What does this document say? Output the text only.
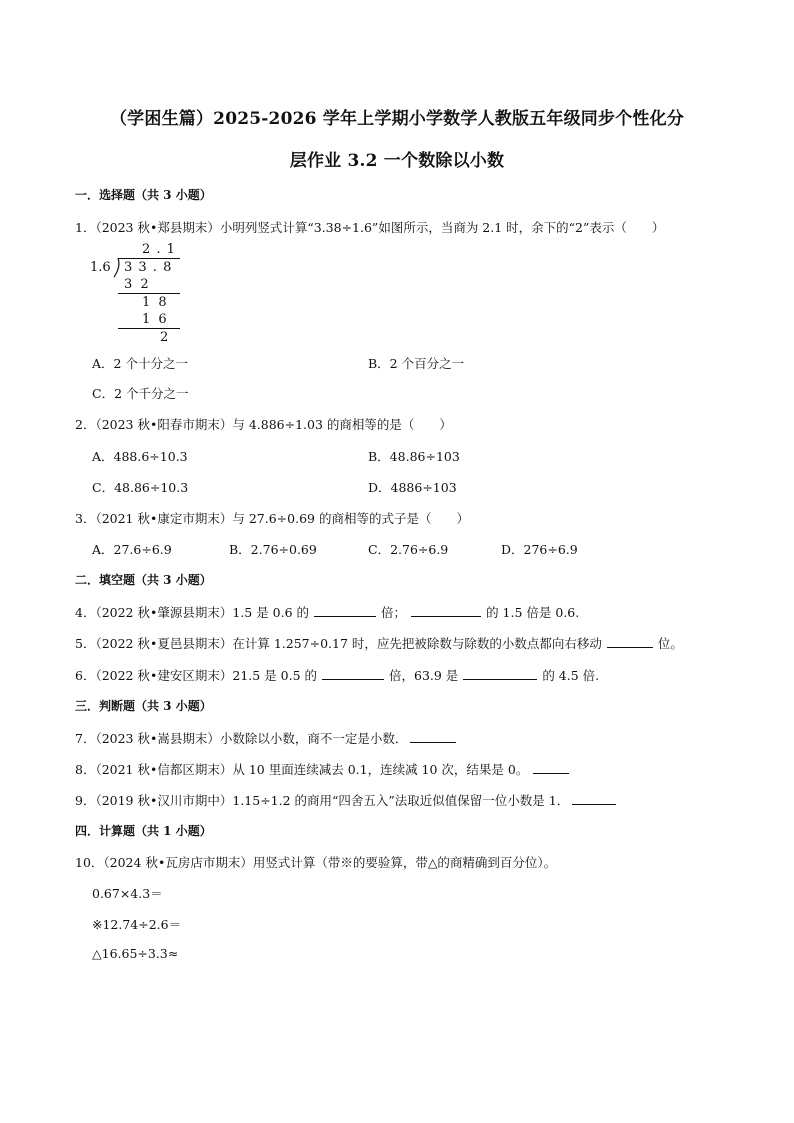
（学困生篇）2025-2026 学年上学期小学数学人教版五年级同步个性化分
层作业 3.2 一个数除以小数
一．选择题（共 3 小题）
1．（2023 秋•郑县期末）小明列竖式计算“3.38÷1.6”如图所示，当商为 2.1 时，余下的“2”表示（　　）
2 . 1
1.6 3 3 . 8
3 2
1 8
1 6
2
A．2 个十分之一	B．2 个百分之一
C．2 个千分之一
2．（2023 秋•阳春市期末）与 4.886÷1.03 的商相等的是（　　）
A．488.6÷10.3	B．48.86÷103
C．48.86÷10.3	D．4886÷103
3．（2021 秋•康定市期末）与 27.6÷0.69 的商相等的式子是（　　）
A．27.6÷6.9	B．2.76÷0.69	C．2.76÷6.9	D．276÷6.9
二．填空题（共 3 小题）
4．（2022 秋•肇源县期末）1.5 是 0.6 的	倍；	的 1.5 倍是 0.6.
5．（2022 秋•夏邑县期末）在计算 1.257÷0.17 时，应先把被除数与除数的小数点都向右移动	位。
6．（2022 秋•建安区期末）21.5 是 0.5 的	倍，63.9 是	的 4.5 倍.
三．判断题（共 3 小题）
7．（2023 秋•嵩县期末）小数除以小数，商不一定是小数．
8．（2021 秋•信都区期末）从 10 里面连续减去 0.1，连续减 10 次，结果是 0。
9．（2019 秋•汉川市期中）1.15÷1.2 的商用“四舍五入”法取近似值保留一位小数是 1．
四．计算题（共 1 小题）
10．（2024 秋•瓦房店市期末）用竖式计算（带※的要验算，带△的商精确到百分位）。
0.67×4.3＝
※12.74÷2.6＝
△16.65÷3.3≈
